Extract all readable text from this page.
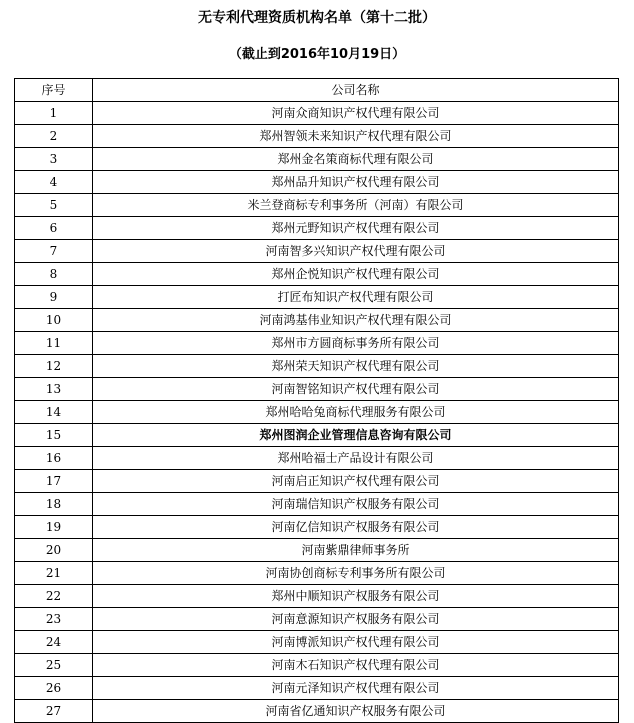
无专利代理资质机构名单（第十二批）
（截止到2016年10月19日）
序号	公司名称
1	河南众商知识产权代理有限公司
2	郑州智领未来知识产权代理有限公司
3	郑州金名策商标代理有限公司
4	郑州品升知识产权代理有限公司
5	米兰登商标专利事务所（河南）有限公司
6	郑州元野知识产权代理有限公司
7	河南智多兴知识产权代理有限公司
8	郑州企悦知识产权代理有限公司
9	打匠布知识产权代理有限公司
10	河南鸿基伟业知识产权代理有限公司
11	郑州市方圆商标事务所有限公司
12	郑州荣天知识产权代理有限公司
13	河南智铭知识产权代理有限公司
14	郑州哈哈兔商标代理服务有限公司
15	郑州图润企业管理信息咨询有限公司
16	郑州哈福士产品设计有限公司
17	河南启正知识产权代理有限公司
18	河南瑞信知识产权服务有限公司
19	河南亿信知识产权服务有限公司
20	河南紫鼎律师事务所
21	河南协创商标专利事务所有限公司
22	郑州中顺知识产权服务有限公司
23	河南意源知识产权服务有限公司
24	河南博派知识产权代理有限公司
25	河南木石知识产权代理有限公司
26	河南元泽知识产权代理有限公司
27	河南省亿通知识产权服务有限公司
